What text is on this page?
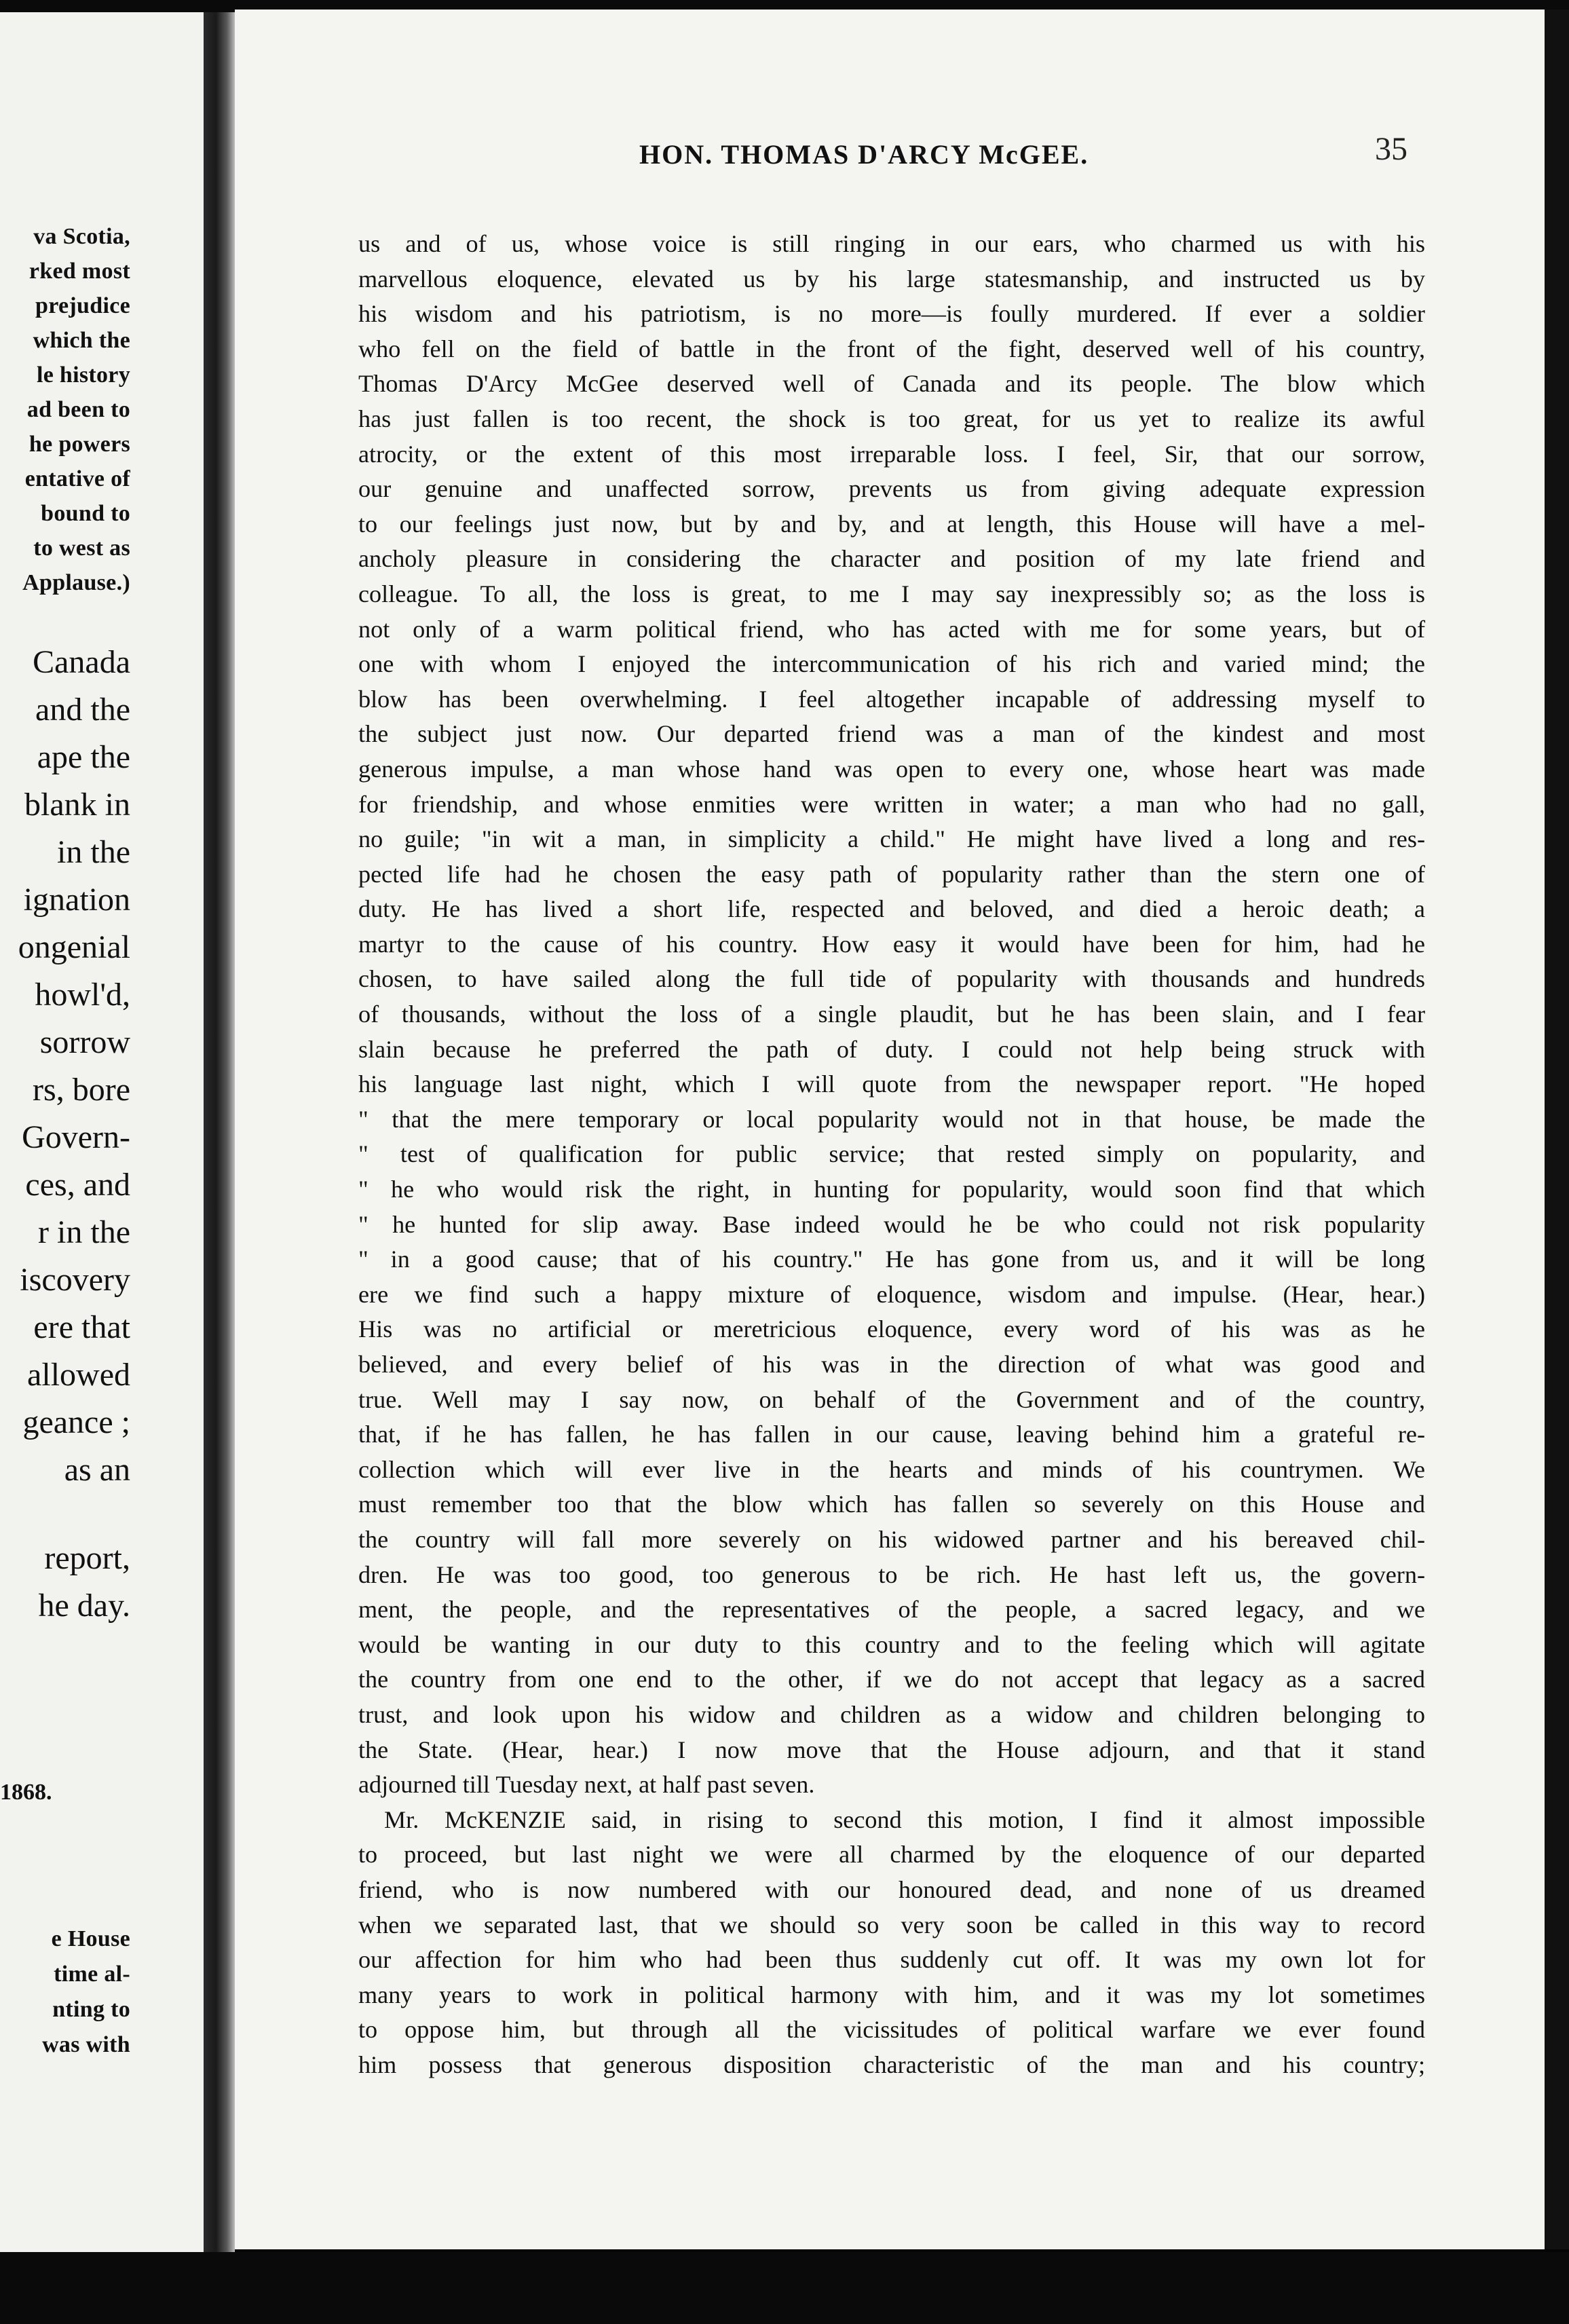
va Scotia,
rked most
prejudice
which the
le history
ad been to
he powers
entative of
bound to
to west as
Applause.)
Canada
and the
ape the
blank in
in the
ignation
ongenial
howl'd,
sorrow
rs, bore
Govern-
ces, and
r in the
iscovery
ere that
allowed
geance ;
as an
report,
he day.
1868.
e House
time al-
nting to
was with
HON. THOMAS D'ARCY McGEE.	35
us and of us, whose voice is still ringing in our ears, who charmed us with his
marvellous eloquence, elevated us by his large statesmanship, and instructed us by
his wisdom and his patriotism, is no more—is foully murdered. If ever a soldier
who fell on the field of battle in the front of the fight, deserved well of his country,
Thomas D'Arcy McGee deserved well of Canada and its people. The blow which
has just fallen is too recent, the shock is too great, for us yet to realize its awful
atrocity, or the extent of this most irreparable loss. I feel, Sir, that our sorrow,
our genuine and unaffected sorrow, prevents us from giving adequate expression
to our feelings just now, but by and by, and at length, this House will have a mel-
ancholy pleasure in considering the character and position of my late friend and
colleague. To all, the loss is great, to me I may say inexpressibly so; as the loss is
not only of a warm political friend, who has acted with me for some years, but of
one with whom I enjoyed the intercommunication of his rich and varied mind; the
blow has been overwhelming. I feel altogether incapable of addressing myself to
the subject just now. Our departed friend was a man of the kindest and most
generous impulse, a man whose hand was open to every one, whose heart was made
for friendship, and whose enmities were written in water; a man who had no gall,
no guile; "in wit a man, in simplicity a child." He might have lived a long and res-
pected life had he chosen the easy path of popularity rather than the stern one of
duty. He has lived a short life, respected and beloved, and died a heroic death; a
martyr to the cause of his country. How easy it would have been for him, had he
chosen, to have sailed along the full tide of popularity with thousands and hundreds
of thousands, without the loss of a single plaudit, but he has been slain, and I fear
slain because he preferred the path of duty. I could not help being struck with
his language last night, which I will quote from the newspaper report. "He hoped
" that the mere temporary or local popularity would not in that house, be made the
" test of qualification for public service; that rested simply on popularity, and
" he who would risk the right, in hunting for popularity, would soon find that which
" he hunted for slip away. Base indeed would he be who could not risk popularity
" in a good cause; that of his country." He has gone from us, and it will be long
ere we find such a happy mixture of eloquence, wisdom and impulse. (Hear, hear.)
His was no artificial or meretricious eloquence, every word of his was as he
believed, and every belief of his was in the direction of what was good and
true. Well may I say now, on behalf of the Government and of the country,
that, if he has fallen, he has fallen in our cause, leaving behind him a grateful re-
collection which will ever live in the hearts and minds of his countrymen. We
must remember too that the blow which has fallen so severely on this House and
the country will fall more severely on his widowed partner and his bereaved chil-
dren. He was too good, too generous to be rich. He hast left us, the govern-
ment, the people, and the representatives of the people, a sacred legacy, and we
would be wanting in our duty to this country and to the feeling which will agitate
the country from one end to the other, if we do not accept that legacy as a sacred
trust, and look upon his widow and children as a widow and children belonging to
the State. (Hear, hear.) I now move that the House adjourn, and that it stand
adjourned till Tuesday next, at half past seven.
Mr. McKENZIE said, in rising to second this motion, I find it almost impossible
to proceed, but last night we were all charmed by the eloquence of our departed
friend, who is now numbered with our honoured dead, and none of us dreamed
when we separated last, that we should so very soon be called in this way to record
our affection for him who had been thus suddenly cut off. It was my own lot for
many years to work in political harmony with him, and it was my lot sometimes
to oppose him, but through all the vicissitudes of political warfare we ever found
him possess that generous disposition characteristic of the man and his country;
